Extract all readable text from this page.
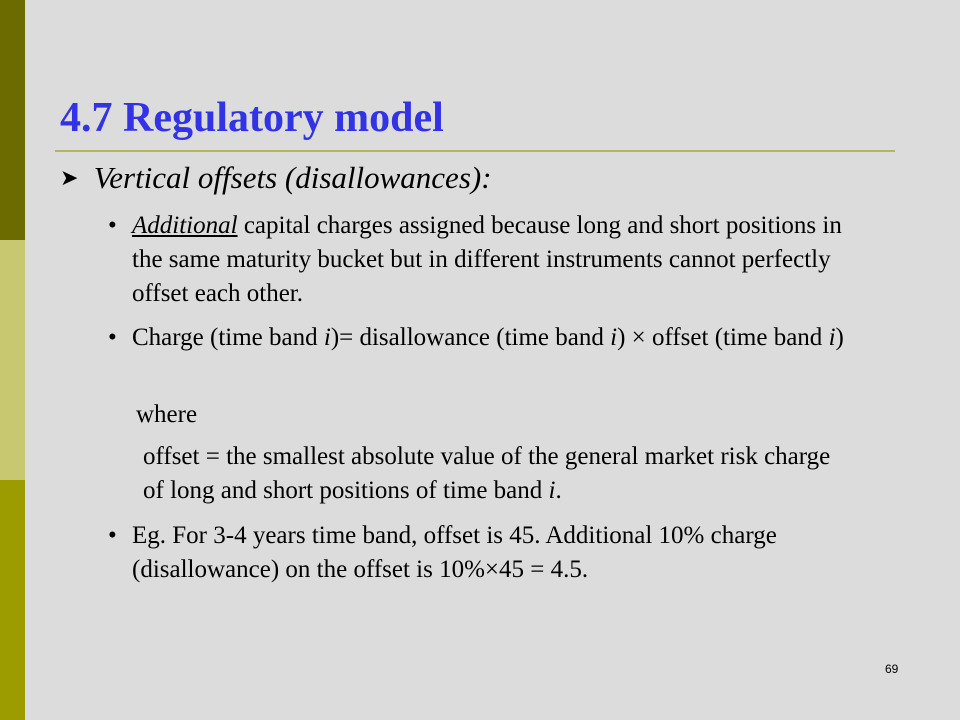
4.7 Regulatory model
➤ Vertical offsets (disallowances):
• Additional capital charges assigned because long and short positions in the same maturity bucket but in different instruments cannot perfectly offset each other.
• Charge (time band i)= disallowance (time band i) × offset (time band i)
where
offset = the smallest absolute value of the general market risk charge of long and short positions of time band i.
• Eg. For 3-4 years time band, offset is 45. Additional 10% charge (disallowance) on the offset is 10%×45 = 4.5.
69
